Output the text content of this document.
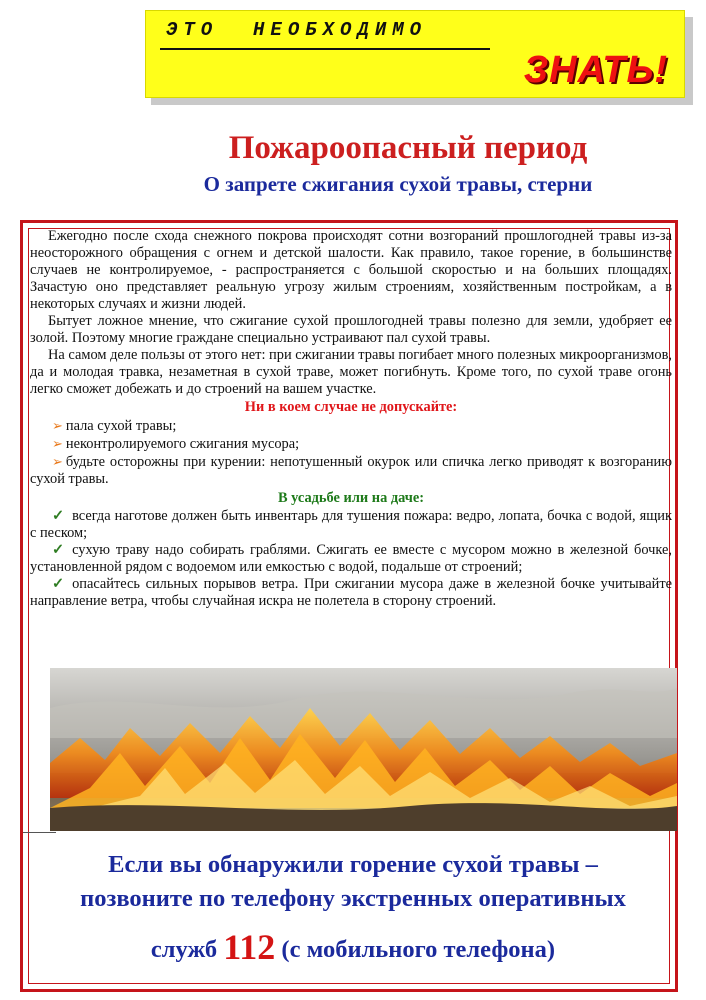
ЭТО  НЕОБХОДИМО
ЗНАТЬ!
Пожароопасный период
О запрете сжигания сухой травы, стерни

Ежегодно после схода снежного покрова происходят сотни возгораний прошлогодней травы из-за неосторожного обращения с огнем и детской шалости. Как правило, такое горение, в большинстве случаев не контролируемое, - распространяется с большой скоростью и на больших площадях. Зачастую оно представляет реальную угрозу жилым строениям, хозяйственным постройкам, а в некоторых случаях и жизни людей.

Бытует ложное мнение, что сжигание сухой прошлогодней травы полезно для земли, удобряет ее золой. Поэтому многие граждане специально устраивают пал сухой травы.

На самом деле пользы от этого нет: при сжигании травы погибает много полезных микроорганизмов, да и молодая травка, незаметная в сухой траве, может погибнуть. Кроме того, по сухой траве огонь легко сможет добежать и до строений на вашем участке.

Ни в коем случае не допускайте:
➢ пала сухой травы;
➢ неконтролируемого сжигания мусора;
➢ будьте осторожны при курении: непотушенный окурок или спичка легко приводят к возгоранию сухой травы.
В усадьбе или на даче:
✓ всегда наготове должен быть инвентарь для тушения пожара: ведро, лопата, бочка с водой, ящик с песком;
✓ сухую траву надо собирать граблями. Сжигать ее вместе с мусором можно в железной бочке, установленной рядом с водоемом или емкостью с водой, подальше от строений;
✓ опасайтесь сильных порывов ветра. При сжигании мусора даже в железной бочке учитывайте направление ветра, чтобы случайная искра не полетела в сторону строений.
Если вы обнаружили горение сухой травы –
позвоните по телефону экстренных оперативных
служб 112 (с мобильного телефона)
